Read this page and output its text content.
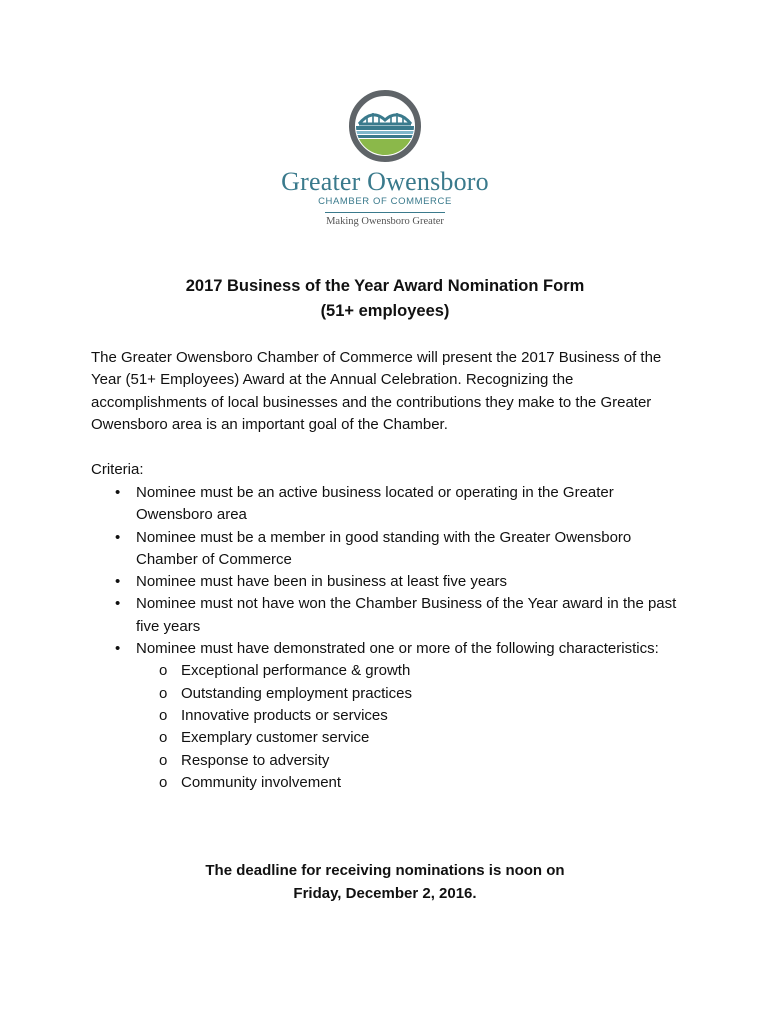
Greater Owensboro
CHAMBER OF COMMERCE
Making Owensboro Greater
2017 Business of the Year Award Nomination Form
(51+ employees)
The Greater Owensboro Chamber of Commerce will present the 2017 Business of the Year (51+ Employees) Award at the Annual Celebration. Recognizing the accomplishments of local businesses and the contributions they make to the Greater Owensboro area is an important goal of the Chamber.
Criteria:
• Nominee must be an active business located or operating in the Greater Owensboro area
• Nominee must be a member in good standing with the Greater Owensboro Chamber of Commerce
• Nominee must have been in business at least five years
• Nominee must not have won the Chamber Business of the Year award in the past five years
• Nominee must have demonstrated one or more of the following characteristics:
o Exceptional performance & growth
o Outstanding employment practices
o Innovative products or services
o Exemplary customer service
o Response to adversity
o Community involvement
The deadline for receiving nominations is noon on
Friday, December 2, 2016.
